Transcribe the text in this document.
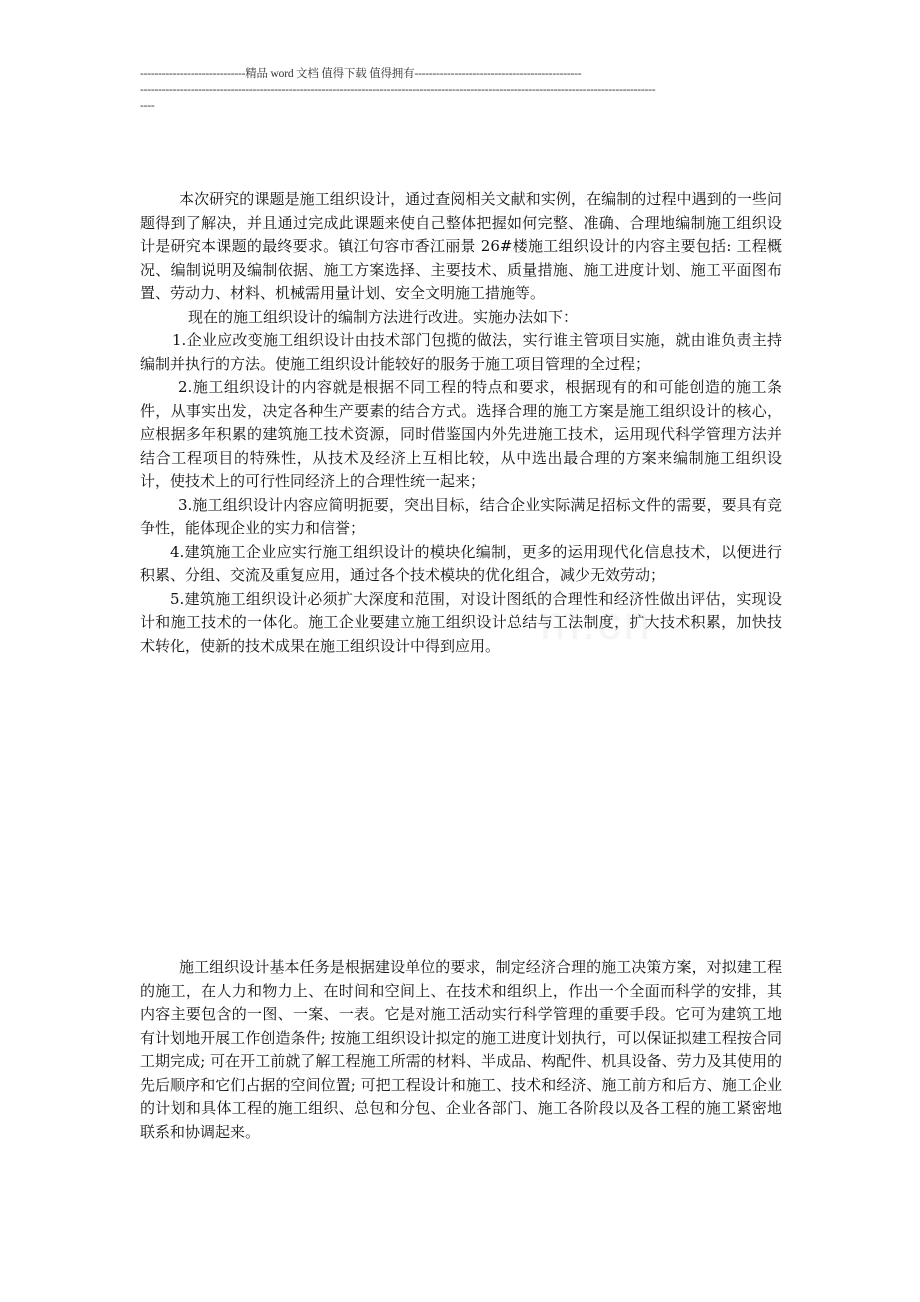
-----------------------------精品 word 文档 值得下载 值得拥有----------------------------------------------
----------------------------------------------------------------------------------------------------------------------------------------------
----

本次研究的课题是施工组织设计，通过查阅相关文献和实例，在编制的过程中遇到的一些问题得到了解决，并且通过完成此课题来使自己整体把握如何完整、准确、合理地编制施工组织设计是研究本课题的最终要求。镇江句容市香江丽景 26#楼施工组织设计的内容主要包括: 工程概况、编制说明及编制依据、施工方案选择、主要技术、质量措施、施工进度计划、施工平面图布置、劳动力、材料、机械需用量计划、安全文明施工措施等。

现在的施工组织设计的编制方法进行改进。实施办法如下：

1.企业应改变施工组织设计由技术部门包揽的做法，实行谁主管项目实施，就由谁负责主持编制并执行的方法。使施工组织设计能较好的服务于施工项目管理的全过程；

2.施工组织设计的内容就是根据不同工程的特点和要求，根据现有的和可能创造的施工条件，从事实出发，决定各种生产要素的结合方式。选择合理的施工方案是施工组织设计的核心，应根据多年积累的建筑施工技术资源，同时借鉴国内外先进施工技术，运用现代科学管理方法并结合工程项目的特殊性，从技术及经济上互相比较，从中选出最合理的方案来编制施工组织设计，使技术上的可行性同经济上的合理性统一起来；

3.施工组织设计内容应简明扼要，突出目标，结合企业实际满足招标文件的需要，要具有竞争性，能体现企业的实力和信誉；

4.建筑施工企业应实行施工组织设计的模块化编制，更多的运用现代化信息技术，以便进行积累、分组、交流及重复应用，通过各个技术模块的优化组合，减少无效劳动；

5.建筑施工组织设计必须扩大深度和范围，对设计图纸的合理性和经济性做出评估，实现设计和施工技术的一体化。施工企业要建立施工组织设计总结与工法制度，扩大技术积累，加快技术转化，使新的技术成果在施工组织设计中得到应用。

施工组织设计基本任务是根据建设单位的要求，制定经济合理的施工决策方案，对拟建工程的施工，在人力和物力上、在时间和空间上、在技术和组织上，作出一个全面而科学的安排，其内容主要包含的一图、一案、一表。它是对施工活动实行科学管理的重要手段。它可为建筑工地有计划地开展工作创造条件; 按施工组织设计拟定的施工进度计划执行，可以保证拟建工程按合同工期完成; 可在开工前就了解工程施工所需的材料、半成品、构配件、机具设备、劳力及其使用的先后顺序和它们占据的空间位置; 可把工程设计和施工、技术和经济、施工前方和后方、施工企业的计划和具体工程的施工组织、总包和分包、企业各部门、施工各阶段以及各工程的施工紧密地联系和协调起来。
